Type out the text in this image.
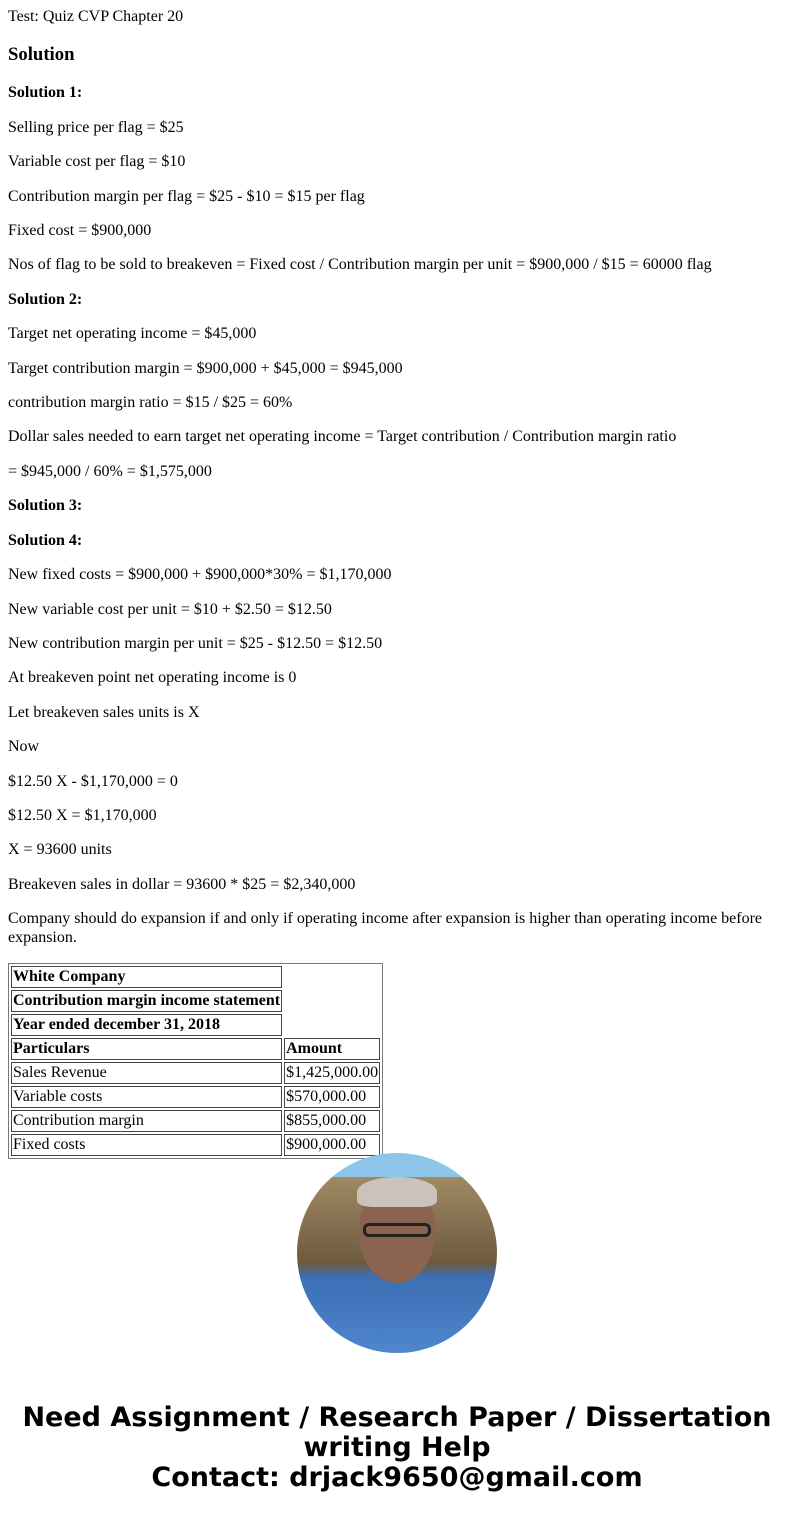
Test: Quiz CVP Chapter 20

Solution

Solution 1:

Selling price per flag = $25

Variable cost per flag = $10

Contribution margin per flag = $25 - $10 = $15 per flag

Fixed cost = $900,000

Nos of flag to be sold to breakeven = Fixed cost / Contribution margin per unit = $900,000 / $15 = 60000 flag

Solution 2:

Target net operating income = $45,000

Target contribution margin = $900,000 + $45,000 = $945,000

contribution margin ratio = $15 / $25 = 60%

Dollar sales needed to earn target net operating income = Target contribution / Contribution margin ratio

= $945,000 / 60% = $1,575,000

Solution 3:

Solution 4:

New fixed costs = $900,000 + $900,000*30% = $1,170,000

New variable cost per unit = $10 + $2.50 = $12.50

New contribution margin per unit = $25 - $12.50 = $12.50

At breakeven point net operating income is 0

Let breakeven sales units is X

Now

$12.50 X - $1,170,000 = 0

$12.50 X = $1,170,000

X = 93600 units

Breakeven sales in dollar = 93600 * $25 = $2,340,000

Company should do expansion if and only if operating income after expansion is higher than operating income before expansion.

White Company	
Contribution margin income statement	
Year ended december 31, 2018	
Particulars	Amount
Sales Revenue	$1,425,000.00
Variable costs	$570,000.00
Contribution margin	$855,000.00
Fixed costs	$900,000.00
Need Assignment / Research Paper / Dissertation writing Help
Contact: drjack9650@gmail.com
